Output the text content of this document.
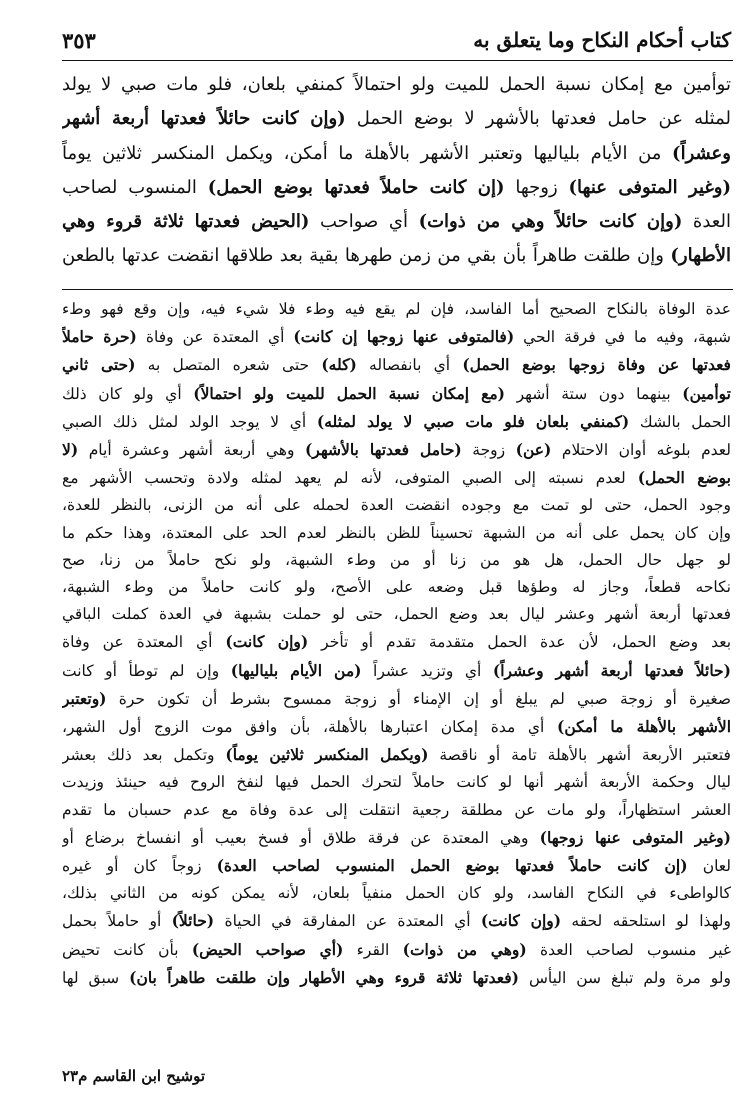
كتاب أحكام النكاح وما يتعلق به
٣٥٣
توأمين مع إمكان نسبة الحمل للميت ولو احتمالاً كمنفي بلعان، فلو مات صبي لا يولد
لمثله عن حامل فعدتها بالأشهر لا بوضع الحمل (وإن كانت حائلاً فعدتها أربعة أشهر
وعشراً) من الأيام بلياليها وتعتبر الأشهر بالأهلة ما أمكن، ويكمل المنكسر ثلاثين يوماً
(وغير المتوفى عنها) زوجها (إن كانت حاملاً فعدتها بوضع الحمل) المنسوب لصاحب
العدة (وإن كانت حائلاً وهي من ذوات) أي صواحب (الحيض فعدتها ثلاثة قروء وهي
الأطهار) وإن طلقت طاهراً بأن بقي من زمن طهرها بقية بعد طلاقها انقضت عدتها بالطعن
عدة الوفاة بالنكاح الصحيح أما الفاسد، فإن لم يقع فيه وطء فلا شيء فيه، وإن وقع فهو وطء
شبهة، وفيه ما في فرقة الحي (فالمتوفى عنها زوجها إن كانت) أي المعتدة عن وفاة (حرة حاملاً
فعدتها عن وفاة زوجها بوضع الحمل) أي بانفصاله (كله) حتى شعره المتصل به (حتى ثاني
توأمين) بينهما دون ستة أشهر (مع إمكان نسبة الحمل للميت ولو احتمالاً) أي ولو كان ذلك
الحمل بالشك (كمنفي بلعان فلو مات صبي لا يولد لمثله) أي لا يوجد الولد لمثل ذلك الصبي
لعدم بلوغه أوان الاحتلام (عن) زوجة (حامل فعدتها بالأشهر) وهي أربعة أشهر وعشرة أيام (لا
بوضع الحمل) لعدم نسبته إلى الصبي المتوفى، لأنه لم يعهد لمثله ولادة وتحسب الأشهر مع
وجود الحمل، حتى لو تمت مع وجوده انقضت العدة لحمله على أنه من الزنى، بالنظر للعدة،
وإن كان يحمل على أنه من الشبهة تحسيناً للظن بالنظر لعدم الحد على المعتدة، وهذا حكم ما
لو جهل حال الحمل، هل هو من زنا أو من وطء الشبهة، ولو نكح حاملاً من زنا، صح
نكاحه قطعاً، وجاز له وطؤها قبل وضعه على الأصح، ولو كانت حاملاً من وطء الشبهة،
فعدتها أربعة أشهر وعشر ليال بعد وضع الحمل، حتى لو حملت بشبهة في العدة كملت الباقي
بعد وضع الحمل، لأن عدة الحمل متقدمة تقدم أو تأخر (وإن كانت) أي المعتدة عن وفاة
(حائلاً فعدتها أربعة أشهر وعشراً) أي وتزيد عشراً (من الأيام بلياليها) وإن لم توطأ أو كانت
صغيرة أو زوجة صبي لم يبلغ أو إن الإمناء أو زوجة ممسوح بشرط أن تكون حرة (وتعتبر
الأشهر بالأهلة ما أمكن) أي مدة إمكان اعتبارها بالأهلة، بأن وافق موت الزوج أول الشهر،
فتعتبر الأربعة أشهر بالأهلة تامة أو ناقصة (ويكمل المنكسر ثلاثين يوماً) وتكمل بعد ذلك بعشر
ليال وحكمة الأربعة أشهر أنها لو كانت حاملاً لتحرك الحمل فيها لنفخ الروح فيه حينئذ وزيدت
العشر استظهاراً، ولو مات عن مطلقة رجعية انتقلت إلى عدة وفاة مع عدم حسبان ما تقدم
(وغير المتوفى عنها زوجها) وهي المعتدة عن فرقة طلاق أو فسخ بعيب أو انفساخ برضاع أو
لعان (إن كانت حاملاً فعدتها بوضع الحمل المنسوب لصاحب العدة) زوجاً كان أو غيره
كالواطىء في النكاح الفاسد، ولو كان الحمل منفياً بلعان، لأنه يمكن كونه من الثاني بذلك،
ولهذا لو استلحقه لحقه (وإن كانت) أي المعتدة عن المفارقة في الحياة (حائلاً) أو حاملاً بحمل
غير منسوب لصاحب العدة (وهي من ذوات) القرء (أي صواحب الحيض) بأن كانت تحيض
ولو مرة ولم تبلغ سن اليأس (فعدتها ثلاثة قروء وهي الأطهار وإن طلقت طاهراً بان) سبق لها
توشيح ابن القاسم م٢٣
